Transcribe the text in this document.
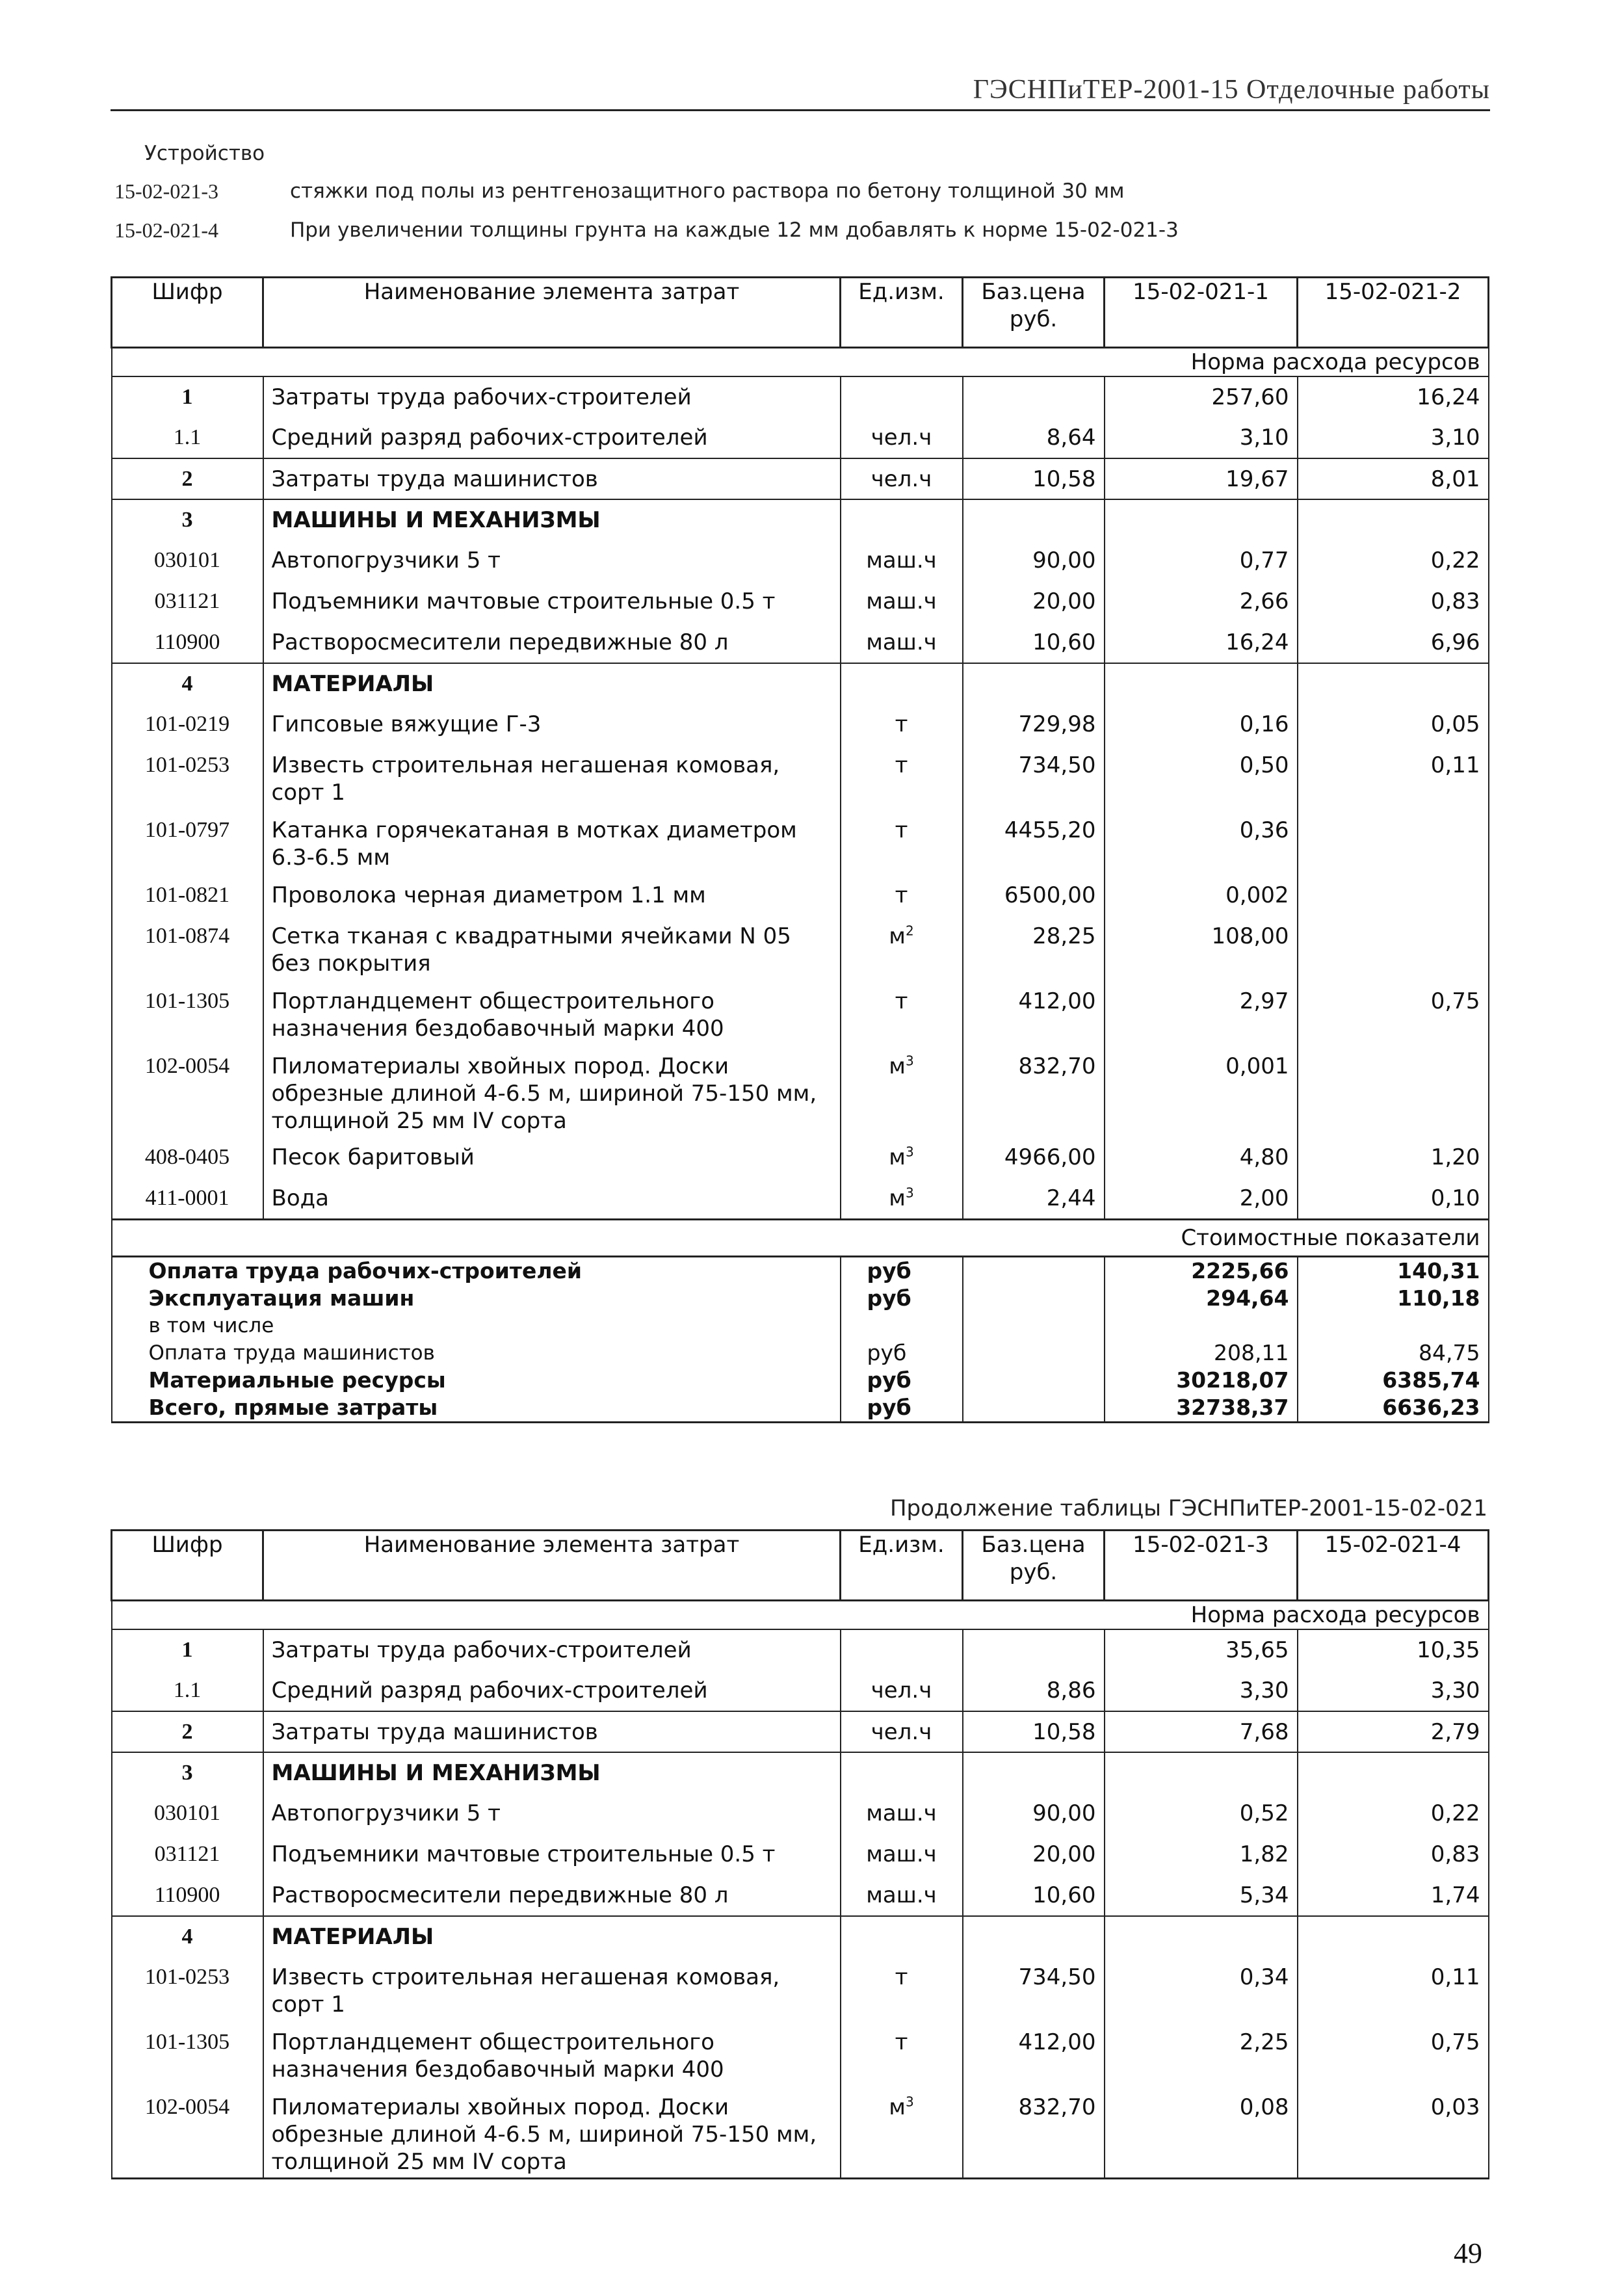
ГЭСНПиТЕР-2001-15 Отделочные работы
Устройство
15-02-021-3	стяжки под полы из рентгенозащитного раствора по бетону толщиной 30 мм
15-02-021-4	При увеличении толщины грунта на каждые 12 мм добавлять к норме 15-02-021-3
Шифр	Наименование элемента затрат	Ед.изм.	Баз.цена руб.	15-02-021-1	15-02-021-2
Норма расхода ресурсов					
1	Затраты труда рабочих-строителей			257,60	16,24
1.1	Средний разряд рабочих-строителей	чел.ч	8,64	3,10	3,10
2	Затраты труда машинистов	чел.ч	10,58	19,67	8,01
3	МАШИНЫ И МЕХАНИЗМЫ				
030101	Автопогрузчики 5 т	маш.ч	90,00	0,77	0,22
031121	Подъемники мачтовые строительные 0.5 т	маш.ч	20,00	2,66	0,83
110900	Растворосмесители передвижные 80 л	маш.ч	10,60	16,24	6,96
4	МАТЕРИАЛЫ				
101-0219	Гипсовые вяжущие Г-3	т	729,98	0,16	0,05
101-0253	Известь строительная негашеная комовая, сорт 1	т	734,50	0,50	0,11
101-0797	Катанка горячекатаная в мотках диаметром 6.3-6.5 мм	т	4455,20	0,36	
101-0821	Проволока черная диаметром 1.1 мм	т	6500,00	0,002	
101-0874	Сетка тканая с квадратными ячейками N 05 без покрытия	$м^2$	28,25	108,00	
101-1305	Портландцемент общестроительного назначения бездобавочный марки 400	т	412,00	2,97	0,75
102-0054	Пиломатериалы хвойных пород. Доски обрезные длиной 4-6.5 м, шириной 75-150 мм, толщиной 25 мм IV сорта	$м^3$	832,70	0,001	
408-0405	Песок баритовый	$м^3$	4966,00	4,80	1,20
411-0001	Вода	$м^3$	2,44	2,00	0,10
Стоимостные показатели					
Оплата труда рабочих-строителей		руб		2225,66	140,31
Эксплуатация машин		руб		294,64	110,18
в том числе					
Оплата труда машинистов		руб		208,11	84,75
Материальные ресурсы		руб		30218,07	6385,74
Всего, прямые затраты		руб		32738,37	6636,23
Продолжение таблицы ГЭСНПиТЕР-2001-15-02-021
Шифр	Наименование элемента затрат	Ед.изм.	Баз.цена руб.	15-02-021-3	15-02-021-4
Норма расхода ресурсов					
1	Затраты труда рабочих-строителей			35,65	10,35
1.1	Средний разряд рабочих-строителей	чел.ч	8,86	3,30	3,30
2	Затраты труда машинистов	чел.ч	10,58	7,68	2,79
3	МАШИНЫ И МЕХАНИЗМЫ				
030101	Автопогрузчики 5 т	маш.ч	90,00	0,52	0,22
031121	Подъемники мачтовые строительные 0.5 т	маш.ч	20,00	1,82	0,83
110900	Растворосмесители передвижные 80 л	маш.ч	10,60	5,34	1,74
4	МАТЕРИАЛЫ				
101-0253	Известь строительная негашеная комовая, сорт 1	т	734,50	0,34	0,11
101-1305	Портландцемент общестроительного назначения бездобавочный марки 400	т	412,00	2,25	0,75
102-0054	Пиломатериалы хвойных пород. Доски обрезные длиной 4-6.5 м, шириной 75-150 мм, толщиной 25 мм IV сорта	$м^3$	832,70	0,08	0,03
49
